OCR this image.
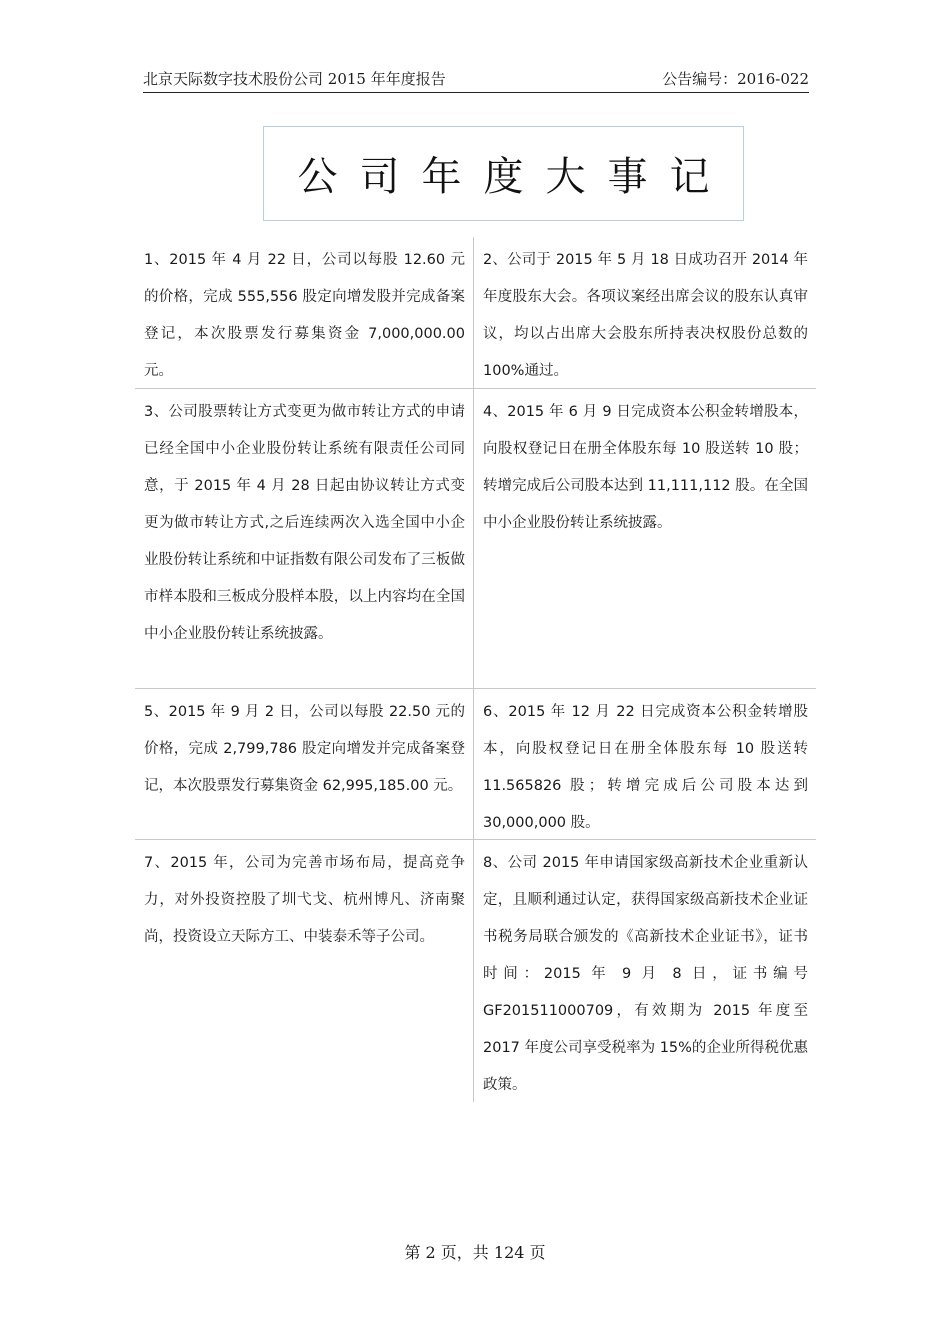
北京天际数字技术股份公司 2015 年年度报告	公告编号：2016-022
公司年度大事记
1、2015 年 4 月 22 日，公司以每股 12.60 元的价格，完成 555,556 股定向增发股并完成备案登记，本次股票发行募集资金 7,000,000.00 元。
2、公司于 2015 年 5 月 18 日成功召开 2014 年年度股东大会。各项议案经出席会议的股东认真审议，均以占出席大会股东所持表决权股份总数的 100%通过。
3、公司股票转让方式变更为做市转让方式的申请已经全国中小企业股份转让系统有限责任公司同意，于 2015 年 4 月 28 日起由协议转让方式变更为做市转让方式,之后连续两次入选全国中小企业股份转让系统和中证指数有限公司发布了三板做市样本股和三板成分股样本股，以上内容均在全国中小企业股份转让系统披露。
4、2015 年 6 月 9 日完成资本公积金转增股本，向股权登记日在册全体股东每 10 股送转 10 股；转增完成后公司股本达到 11,111,112 股。在全国中小企业股份转让系统披露。
5、2015 年 9 月 2 日，公司以每股 22.50 元的价格，完成 2,799,786 股定向增发并完成备案登记，本次股票发行募集资金 62,995,185.00 元。
6、2015 年 12 月 22 日完成资本公积金转增股本，向股权登记日在册全体股东每 10 股送转 11.565826 股；转增完成后公司股本达到 30,000,000 股。
7、2015 年，公司为完善市场布局，提高竞争力，对外投资控股了圳弋戈、杭州博凡、济南聚尚，投资设立天际方工、中装泰禾等子公司。
8、公司 2015 年申请国家级高新技术企业重新认定，且顺利通过认定，获得国家级高新技术企业证书税务局联合颁发的《高新技术企业证书》，证书时间：2015 年 9 月 8 日，证书编号 GF201511000709，有效期为 2015 年度至 2017 年度公司享受税率为 15%的企业所得税优惠政策。
第 2 页，共 124 页
